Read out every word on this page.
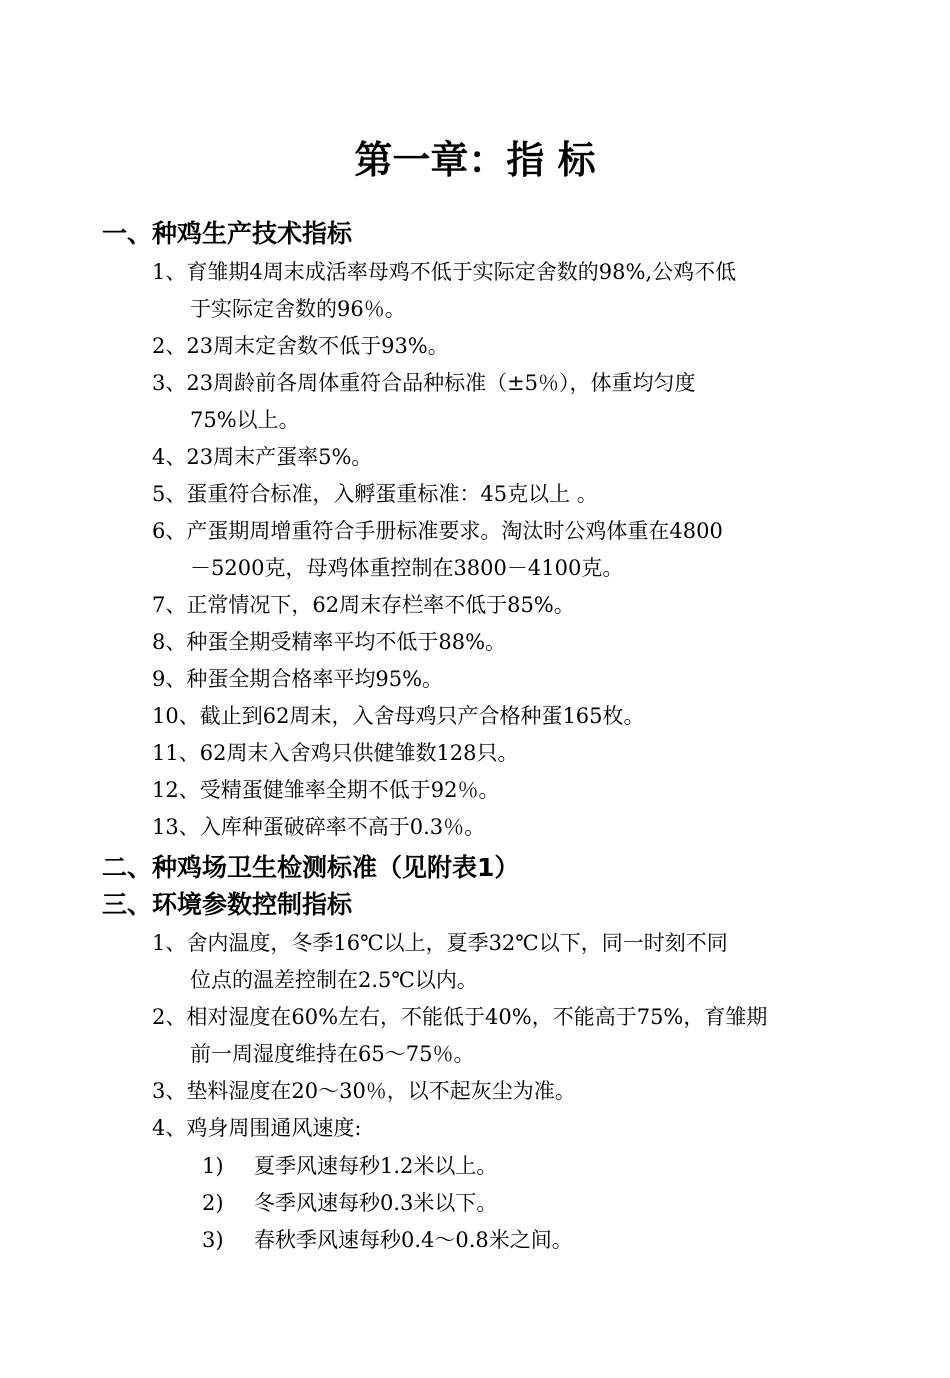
第一章：指 标
一、种鸡生产技术指标
1、育雏期4周末成活率母鸡不低于实际定舍数的98%,公鸡不低
于实际定舍数的96％。
2、23周末定舍数不低于93%。
3、23周龄前各周体重符合品种标准（±5％），体重均匀度
75%以上。
4、23周末产蛋率5%。
5、蛋重符合标准，入孵蛋重标准：45克以上 。
6、产蛋期周增重符合手册标准要求。淘汰时公鸡体重在4800
－5200克，母鸡体重控制在3800－4100克。
7、正常情况下，62周末存栏率不低于85%。
8、种蛋全期受精率平均不低于88%。
9、种蛋全期合格率平均95%。
10、截止到62周末，入舍母鸡只产合格种蛋165枚。
11、62周末入舍鸡只供健雏数128只。
12、受精蛋健雏率全期不低于92％。
13、入库种蛋破碎率不高于0.3％。
二、种鸡场卫生检测标准（见附表1）
三、环境参数控制指标
1、舍内温度，冬季16℃以上，夏季32℃以下，同一时刻不同
位点的温差控制在2.5℃以内。
2、相对湿度在60%左右，不能低于40%，不能高于75%，育雏期
前一周湿度维持在65～75％。
3、垫料湿度在20～30％，以不起灰尘为准。
4、鸡身周围通风速度:
1) 夏季风速每秒1.2米以上。
2) 冬季风速每秒0.3米以下。
3) 春秋季风速每秒0.4～0.8米之间。
